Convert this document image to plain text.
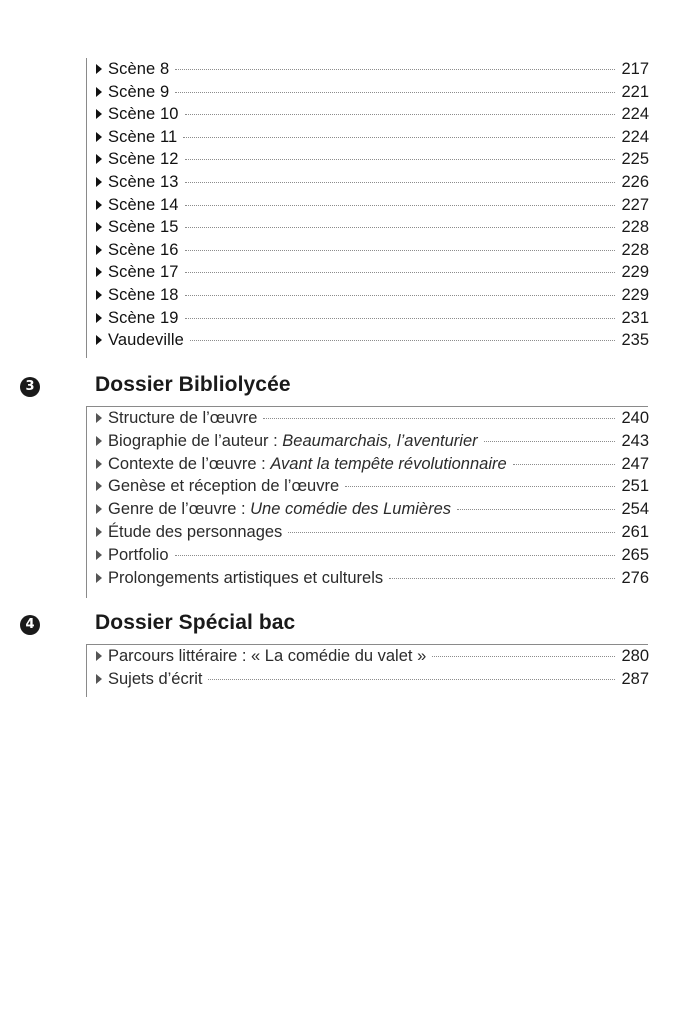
Scène 8	217
Scène 9	221
Scène 10	224
Scène 11	224
Scène 12	225
Scène 13	226
Scène 14	227
Scène 15	228
Scène 16	228
Scène 17	229
Scène 18	229
Scène 19	231
Vaudeville	235
3	Dossier Bibliolycée
Structure de l’œuvre	240
Biographie de l’auteur : Beaumarchais, l’aventurier	243
Contexte de l’œuvre : Avant la tempête révolutionnaire	247
Genèse et réception de l’œuvre	251
Genre de l’œuvre : Une comédie des Lumières	254
Étude des personnages	261
Portfolio	265
Prolongements artistiques et culturels	276
4	Dossier Spécial bac
Parcours littéraire : « La comédie du valet »	280
Sujets d’écrit	287
